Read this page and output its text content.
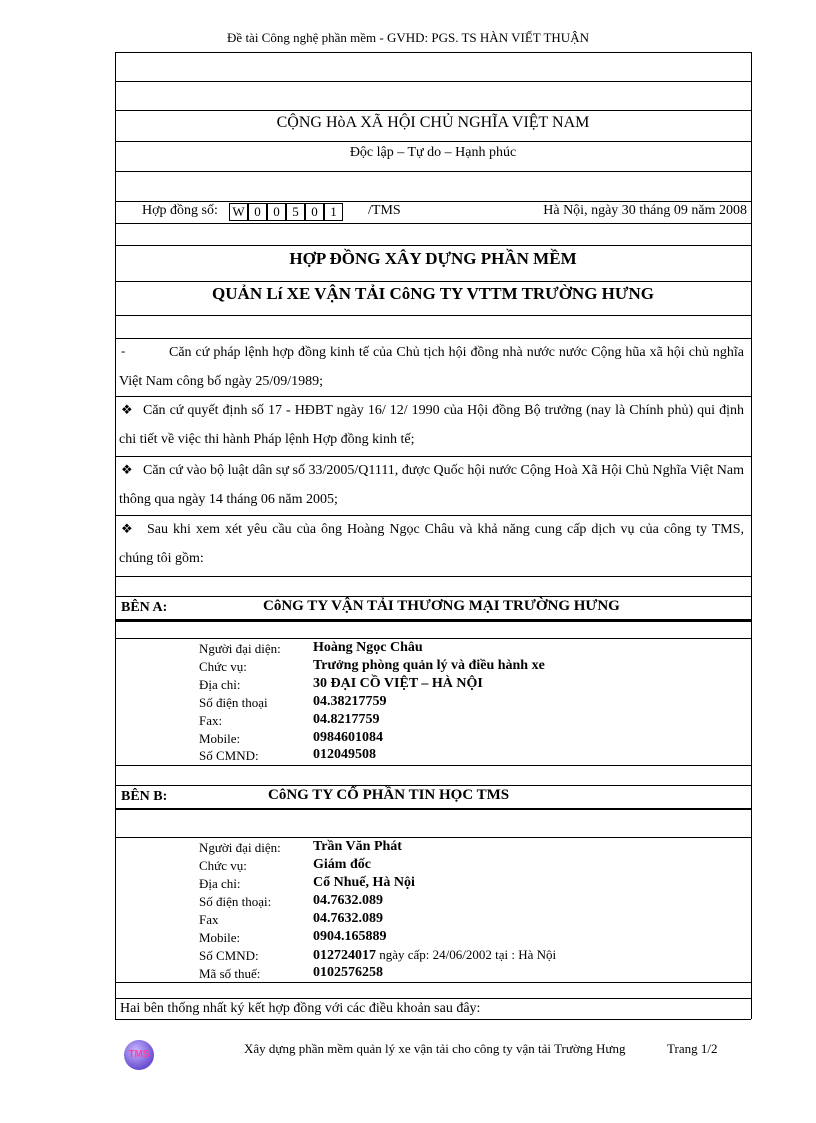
Đề tài Công nghệ phần mềm - GVHD: PGS. TS HÀN VIẾT THUẬN
CỘNG HòA XÃ HỘI CHỦ NGHĨA VIỆT NAM
Độc lập – Tự do – Hạnh phúc
Hợp đồng số: W 0 0 5 0 1	/TMS	Hà Nội, ngày 30 tháng 09 năm 2008
HỢP ĐỒNG XÂY DỰNG PHẦN MỀM
QUẢN Lí XE VẬN TẢI CôNG TY VTTM TRƯỜNG HƯNG
-	Căn cứ pháp lệnh hợp đồng kinh tế của Chủ tịch hội đồng nhà nước nước Cộng hũa xã hội chủ nghĩa Việt Nam công bố ngày 25/09/1989;
❖ Căn cứ quyết định số 17 - HĐBT ngày 16/ 12/ 1990 của Hội đồng Bộ trưởng (nay là Chính phủ) qui định chi tiết về việc thi hành Pháp lệnh Hợp đồng kinh tế;
❖ Căn cứ vào bộ luật dân sự số 33/2005/Q1111, được Quốc hội nước Cộng Hoà Xã Hội Chủ Nghĩa Việt Nam thông qua ngày 14 tháng 06 năm 2005;
❖	Sau khi xem xét yêu cầu của ông Hoàng Ngọc Châu và khả năng cung cấp dịch vụ của công ty TMS, chúng tôi gồm:
BÊN A:	CôNG TY VẬN TẢI THƯƠNG MẠI TRƯỜNG HƯNG
Người đại diện: Hoàng Ngọc Châu
Chức vụ:	Trưởng phòng quản lý và điều hành xe
Địa chỉ:	30 ĐẠI CỒ VIỆT – HÀ NỘI
Số điện thoại	04.38217759
Fax:	04.8217759
Mobile:	0984601084
Số CMND:	012049508
BÊN B:	CôNG TY CỔ PHẦN TIN HỌC TMS
Người đại diện: Trần Văn Phát
Chức vụ:	Giám đốc
Địa chỉ:	Cổ Nhuế, Hà Nội
Số điện thoại:	04.7632.089
Fax	04.7632.089
Mobile:	0904.165889
Số CMND:	012724017 ngày cấp: 24/06/2002 tại : Hà Nội
Mã số thuế:	0102576258
Hai bên thống nhất ký kết hợp đồng với các điều khoản sau đây:
TMS	Xây dựng phần mềm quản lý xe vận tải cho công ty vận tải Trường Hưng	Trang 1/2
